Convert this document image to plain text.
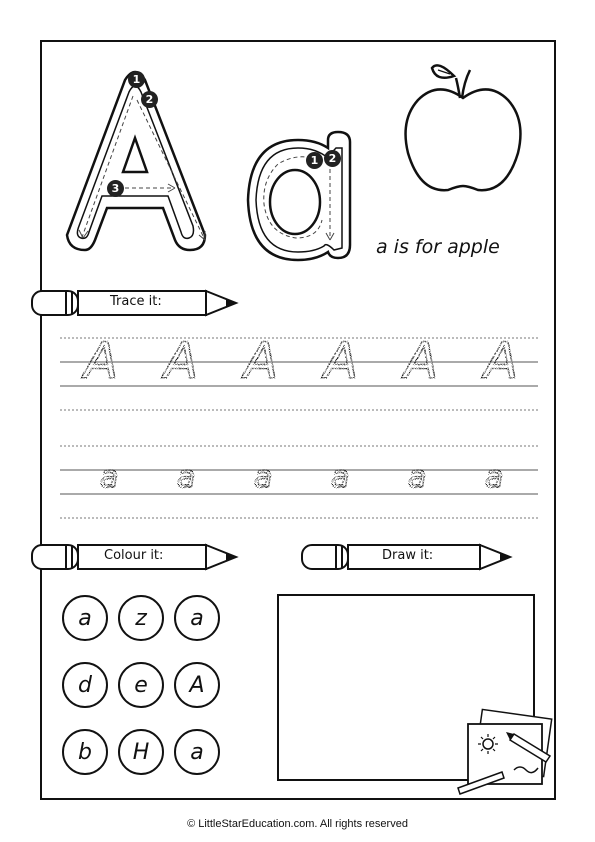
1
2
3
1 2
a is for apple
Trace it:
A A A A A A
a a a a a a
Colour it:	Draw it:
a	z	a
d	e	A
b	H	a
© LittleStarEducation.com. All rights reserved
